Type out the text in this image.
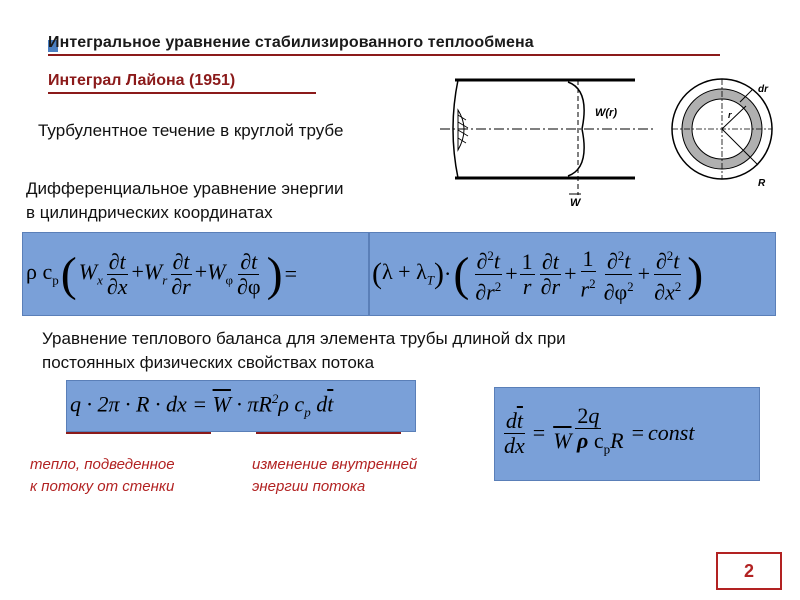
Интегральное уравнение стабилизированного теплообмена
Интеграл Лайона (1951)
Турбулентное течение в круглой трубе
Дифференциальное уравнение энергии
в цилиндрических координатах
W(r)
W
dr
r
R
ρ $c_p$ ( $W_x \frac{\partial t}{\partial x} +W_r \frac{\partial t}{\partial r} +W_\varphi \frac{\partial t}{\partial\varphi}$ ) =	( $\lambda + \lambda_T$ ) · ( $\frac{\partial^2t}{\partial r^2} + \frac{1}{r} \frac{\partial t}{\partial r} + \frac{1}{r^2} \frac{\partial^2t}{\partial\varphi^2} + \frac{\partial^2t}{\partial x^2}$ )
Уравнение теплового баланса для элемента трубы длиной dx при
постоянных физических свойствах потока
q · 2π · R · dx = $\overline{W} \cdot \pi R^2\rho$ $c_p$ $d\overline{t}$
тепло, подведенное
к потоку от стенки
изменение внутренней
энергии потока
$\frac{d\overline{t}}{dx} = \frac{2q}{\overline{W} \rho c_pR}$ = const
2
